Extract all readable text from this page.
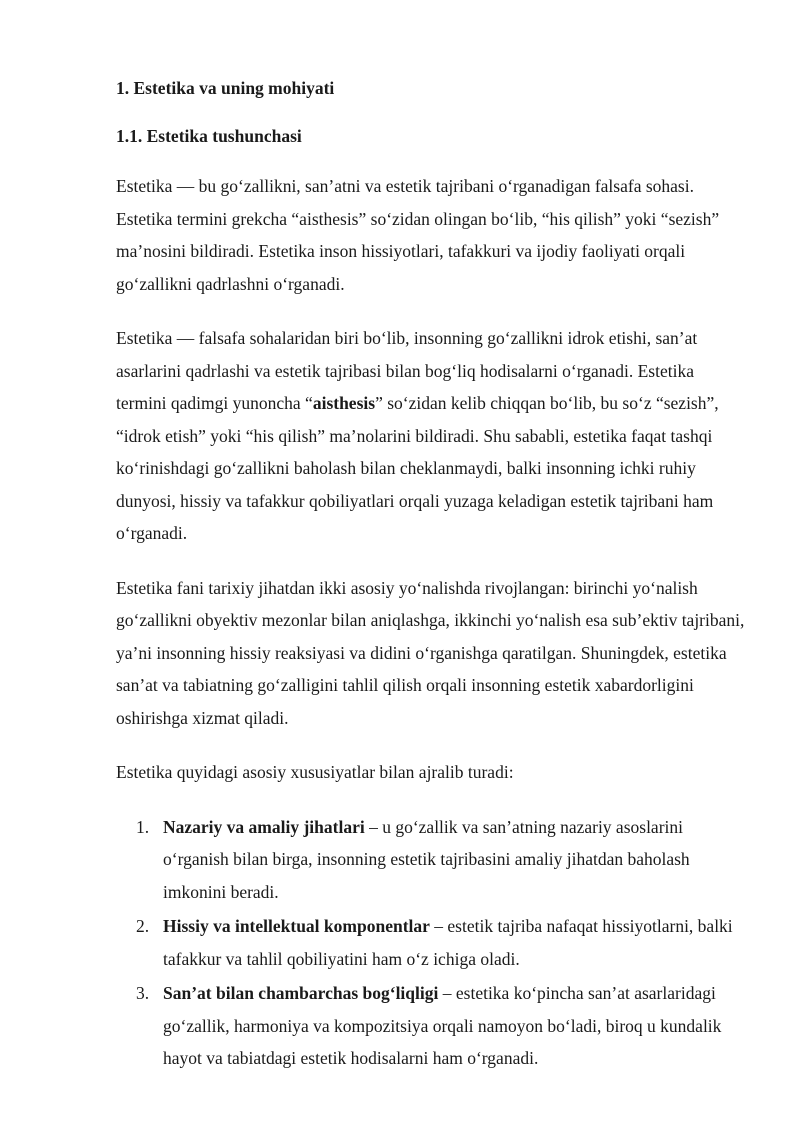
1. Estetika va uning mohiyati
1.1. Estetika tushunchasi

Estetika — bu go‘zallikni, san’atni va estetik tajribani o‘rganadigan falsafa sohasi. Estetika termini grekcha “aisthesis” so‘zidan olingan bo‘lib, “his qilish” yoki “sezish” ma’nosini bildiradi. Estetika inson hissiyotlari, tafakkuri va ijodiy faoliyati orqali go‘zallikni qadrlashni o‘rganadi.

Estetika — falsafa sohalaridan biri bo‘lib, insonning go‘zallikni idrok etishi, san’at asarlarini qadrlashi va estetik tajribasi bilan bog‘liq hodisalarni o‘rganadi. Estetika termini qadimgi yunoncha “aisthesis” so‘zidan kelib chiqqan bo‘lib, bu so‘z “sezish”, “idrok etish” yoki “his qilish” ma’nolarini bildiradi. Shu sababli, estetika faqat tashqi ko‘rinishdagi go‘zallikni baholash bilan cheklanmaydi, balki insonning ichki ruhiy dunyosi, hissiy va tafakkur qobiliyatlari orqali yuzaga keladigan estetik tajribani ham o‘rganadi.

Estetika fani tarixiy jihatdan ikki asosiy yo‘nalishda rivojlangan: birinchi yo‘nalish go‘zallikni obyektiv mezonlar bilan aniqlashga, ikkinchi yo‘nalish esa sub’ektiv tajribani, ya’ni insonning hissiy reaksiyasi va didini o‘rganishga qaratilgan. Shuningdek, estetika san’at va tabiatning go‘zalligini tahlil qilish orqali insonning estetik xabardorligini oshirishga xizmat qiladi.

Estetika quyidagi asosiy xususiyatlar bilan ajralib turadi:

1. Nazariy va amaliy jihatlari – u go‘zallik va san’atning nazariy asoslarini o‘rganish bilan birga, insonning estetik tajribasini amaliy jihatdan baholash imkonini beradi.
2. Hissiy va intellektual komponentlar – estetik tajriba nafaqat hissiyotlarni, balki tafakkur va tahlil qobiliyatini ham o‘z ichiga oladi.
3. San’at bilan chambarchas bog‘liqligi – estetika ko‘pincha san’at asarlaridagi go‘zallik, harmoniya va kompozitsiya orqali namoyon bo‘ladi, biroq u kundalik hayot va tabiatdagi estetik hodisalarni ham o‘rganadi.
